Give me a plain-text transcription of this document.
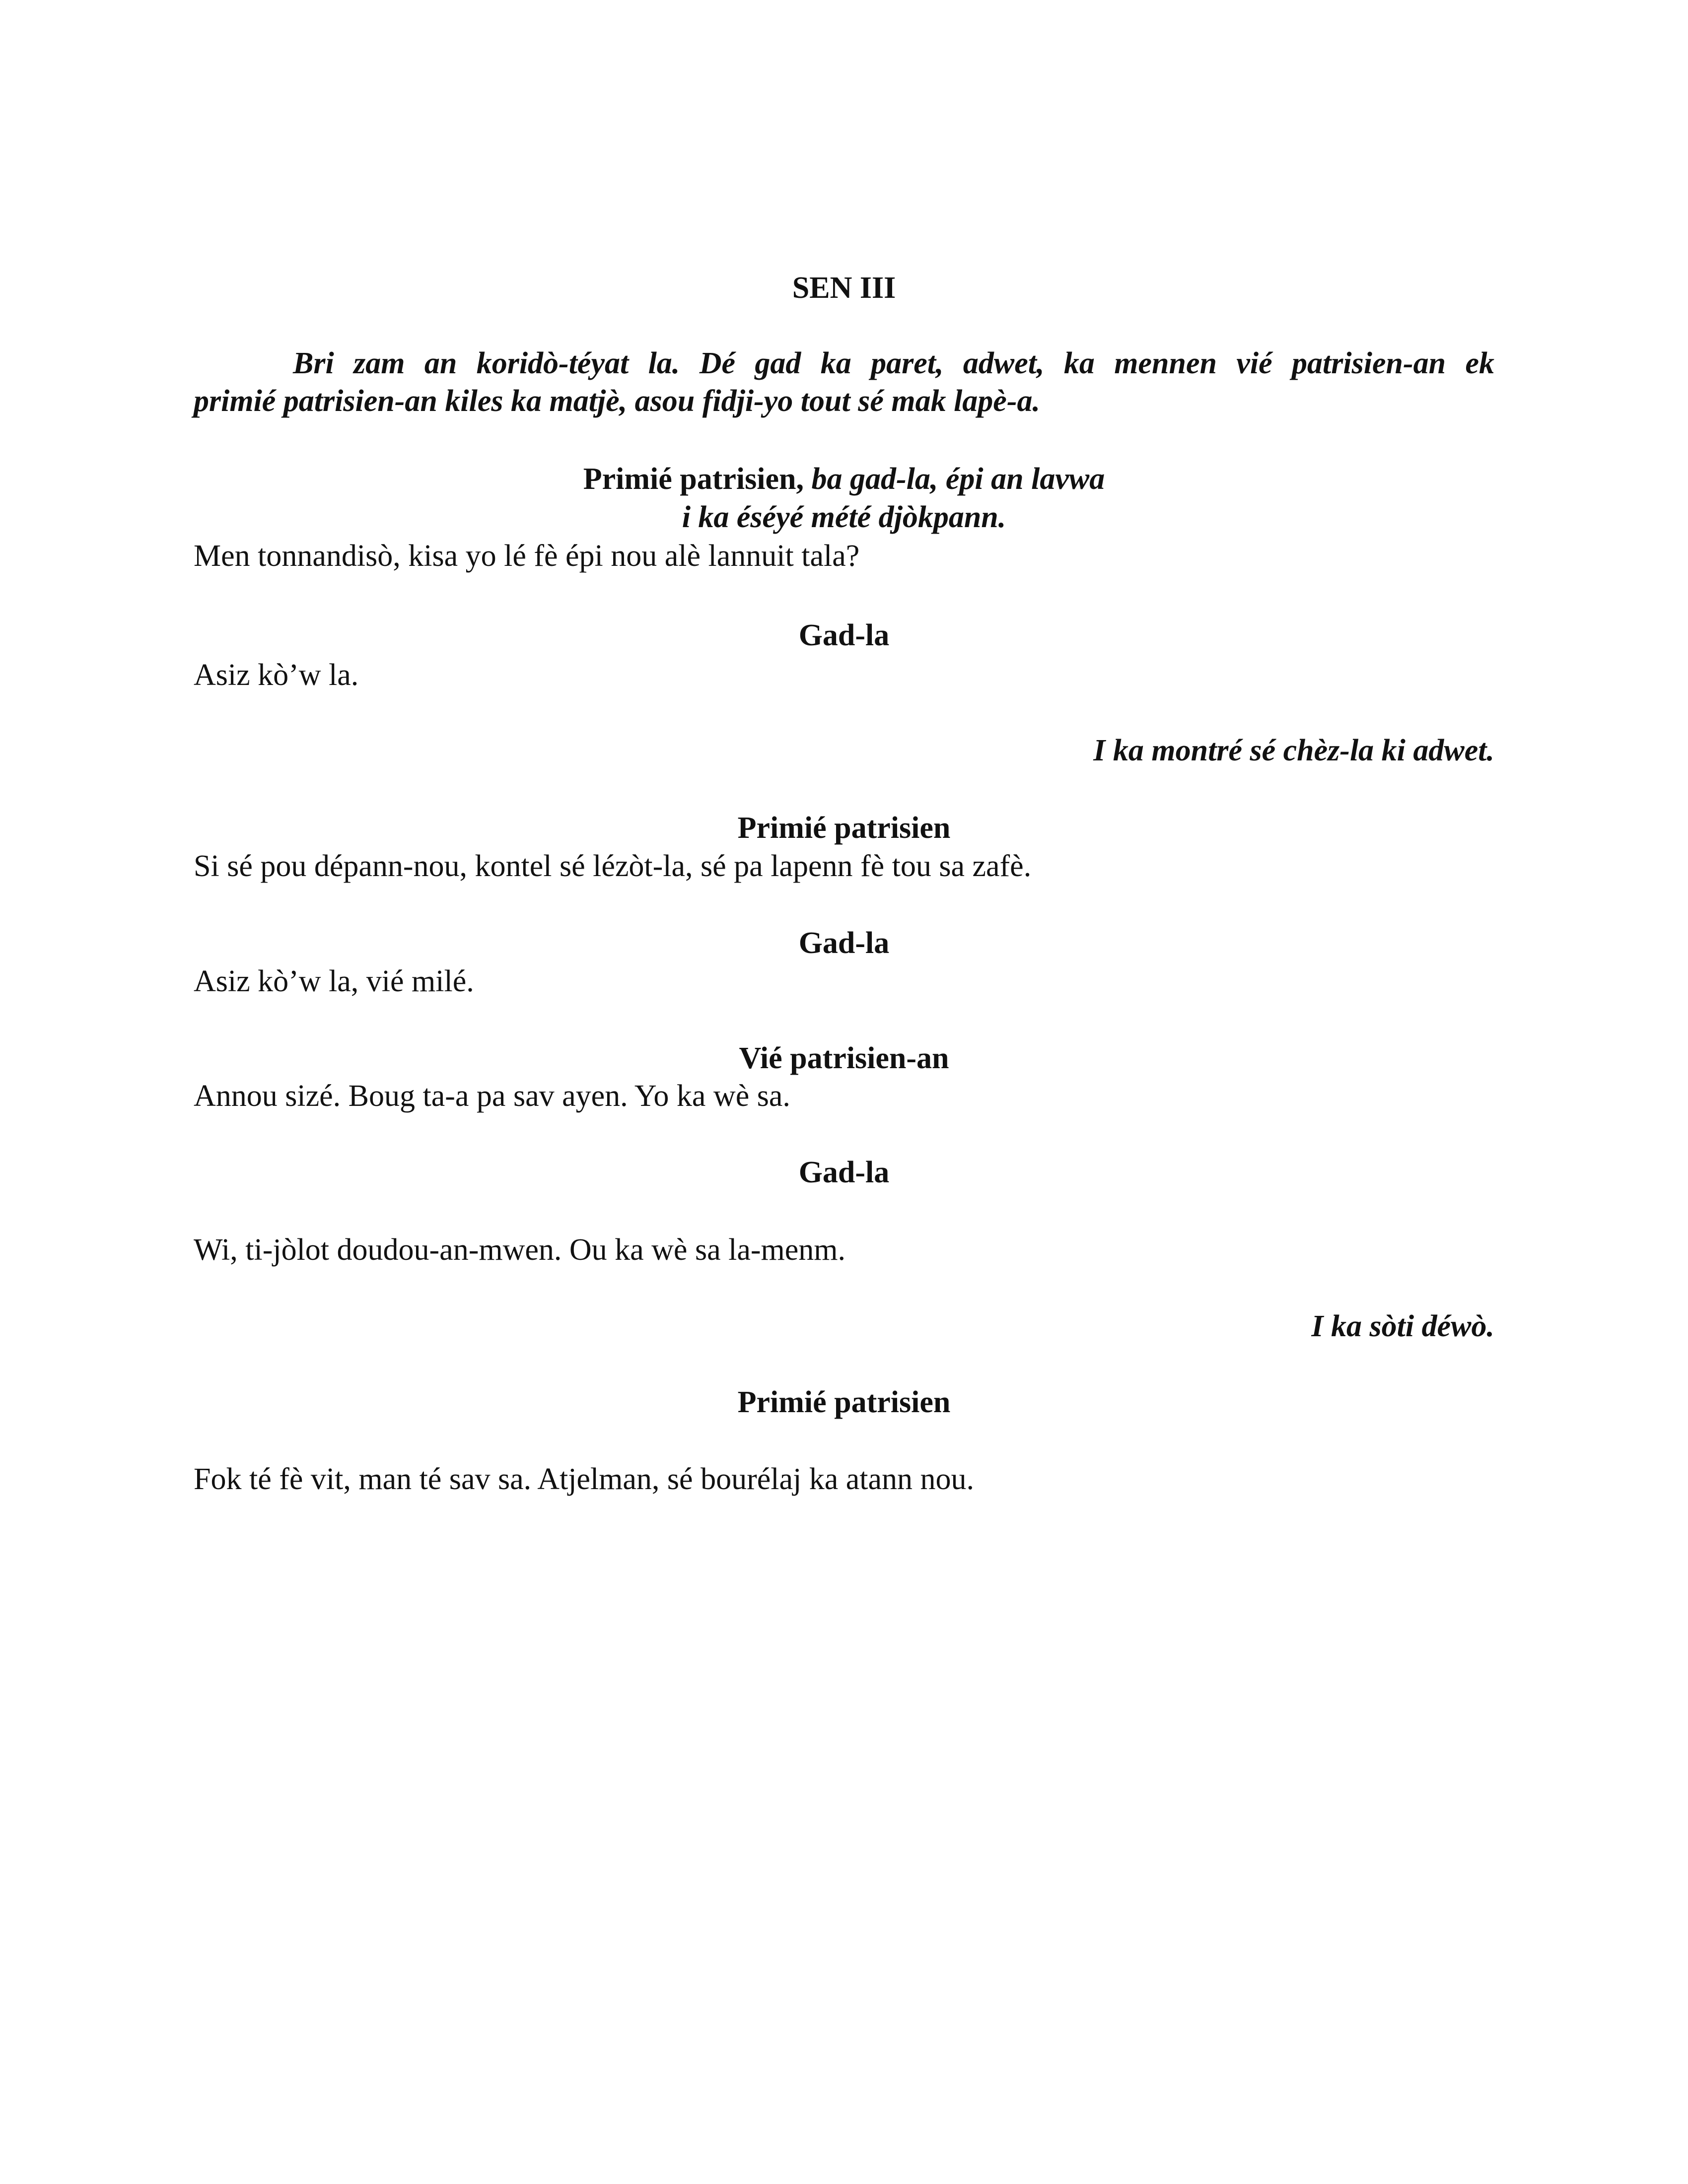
SEN III
Bri zam an koridò-téyat la. Dé gad ka paret, adwet, ka mennen vié patrisien-an ek
primié patrisien-an kiles ka matjè, asou fidji-yo tout sé mak lapè-a.
Primié patrisien, ba gad-la, épi an lavwa
i ka éséyé mété djòkpann.
Men tonnandisò, kisa yo lé fè épi nou alè lannuit tala?
Gad-la
Asiz kò’w la.
I ka montré sé chèz-la ki adwet.
Primié patrisien
Si sé pou dépann-nou, kontel sé lézòt-la, sé pa lapenn fè tou sa zafè.
Gad-la
Asiz kò’w la, vié milé.
Vié patrisien-an
Annou sizé. Boug ta-a pa sav ayen. Yo ka wè sa.
Gad-la
Wi, ti-jòlot doudou-an-mwen. Ou ka wè sa la-menm.
I ka sòti déwò.
Primié patrisien
Fok té fè vit, man té sav sa. Atjelman, sé bourélaj ka atann nou.
